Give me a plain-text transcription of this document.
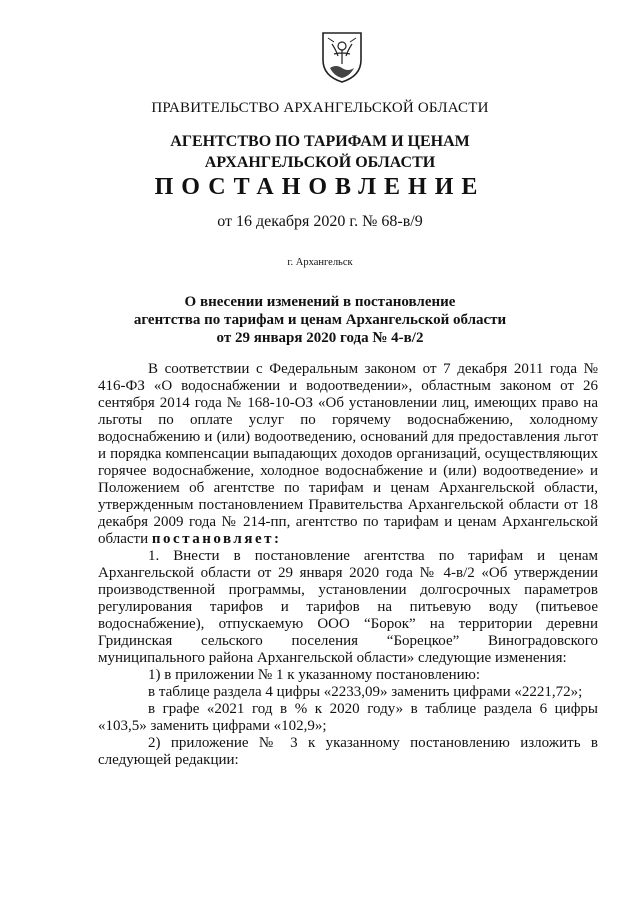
ПРАВИТЕЛЬСТВО АРХАНГЕЛЬСКОЙ ОБЛАСТИ
АГЕНТСТВО ПО ТАРИФАМ И ЦЕНАМ
АРХАНГЕЛЬСКОЙ ОБЛАСТИ
ПОСТАНОВЛЕНИЕ
от 16 декабря 2020 г. № 68-в/9
г. Архангельск
О внесении изменений в постановление
агентства по тарифам и ценам Архангельской области
от 29 января 2020 года № 4-в/2

В соответствии с Федеральным законом от 7 декабря 2011 года № 416-ФЗ «О водоснабжении и водоотведении», областным законом от 26 сентября 2014 года № 168-10-ОЗ «Об установлении лиц, имеющих право на льготы по оплате услуг по горячему водоснабжению, холодному водоснабжению и (или) водоотведению, оснований для предоставления льгот и порядка компенсации выпадающих доходов организаций, осуществляющих горячее водоснабжение, холодное водоснабжение и (или) водоотведение» и Положением об агентстве по тарифам и ценам Архангельской области, утвержденным постановлением Правительства Архангельской области от 18 декабря 2009 года № 214-пп, агентство по тарифам и ценам Архангельской области постановляет:

1. Внести в постановление агентства по тарифам и ценам Архангельской области от 29 января 2020 года № 4-в/2 «Об утверждении производственной программы, установлении долгосрочных параметров регулирования тарифов и тарифов на питьевую воду (питьевое водоснабжение), отпускаемую ООО “Борок” на территории деревни Гридинская сельского поселения “Борецкое” Виноградовского муниципального района Архангельской области» следующие изменения:

1) в приложении № 1 к указанному постановлению:

в таблице раздела 4 цифры «2233,09» заменить цифрами «2221,72»;

в графе «2021 год в % к 2020 году» в таблице раздела 6 цифры «103,5» заменить цифрами «102,9»;

2) приложение № 3 к указанному постановлению изложить в следующей редакции:
